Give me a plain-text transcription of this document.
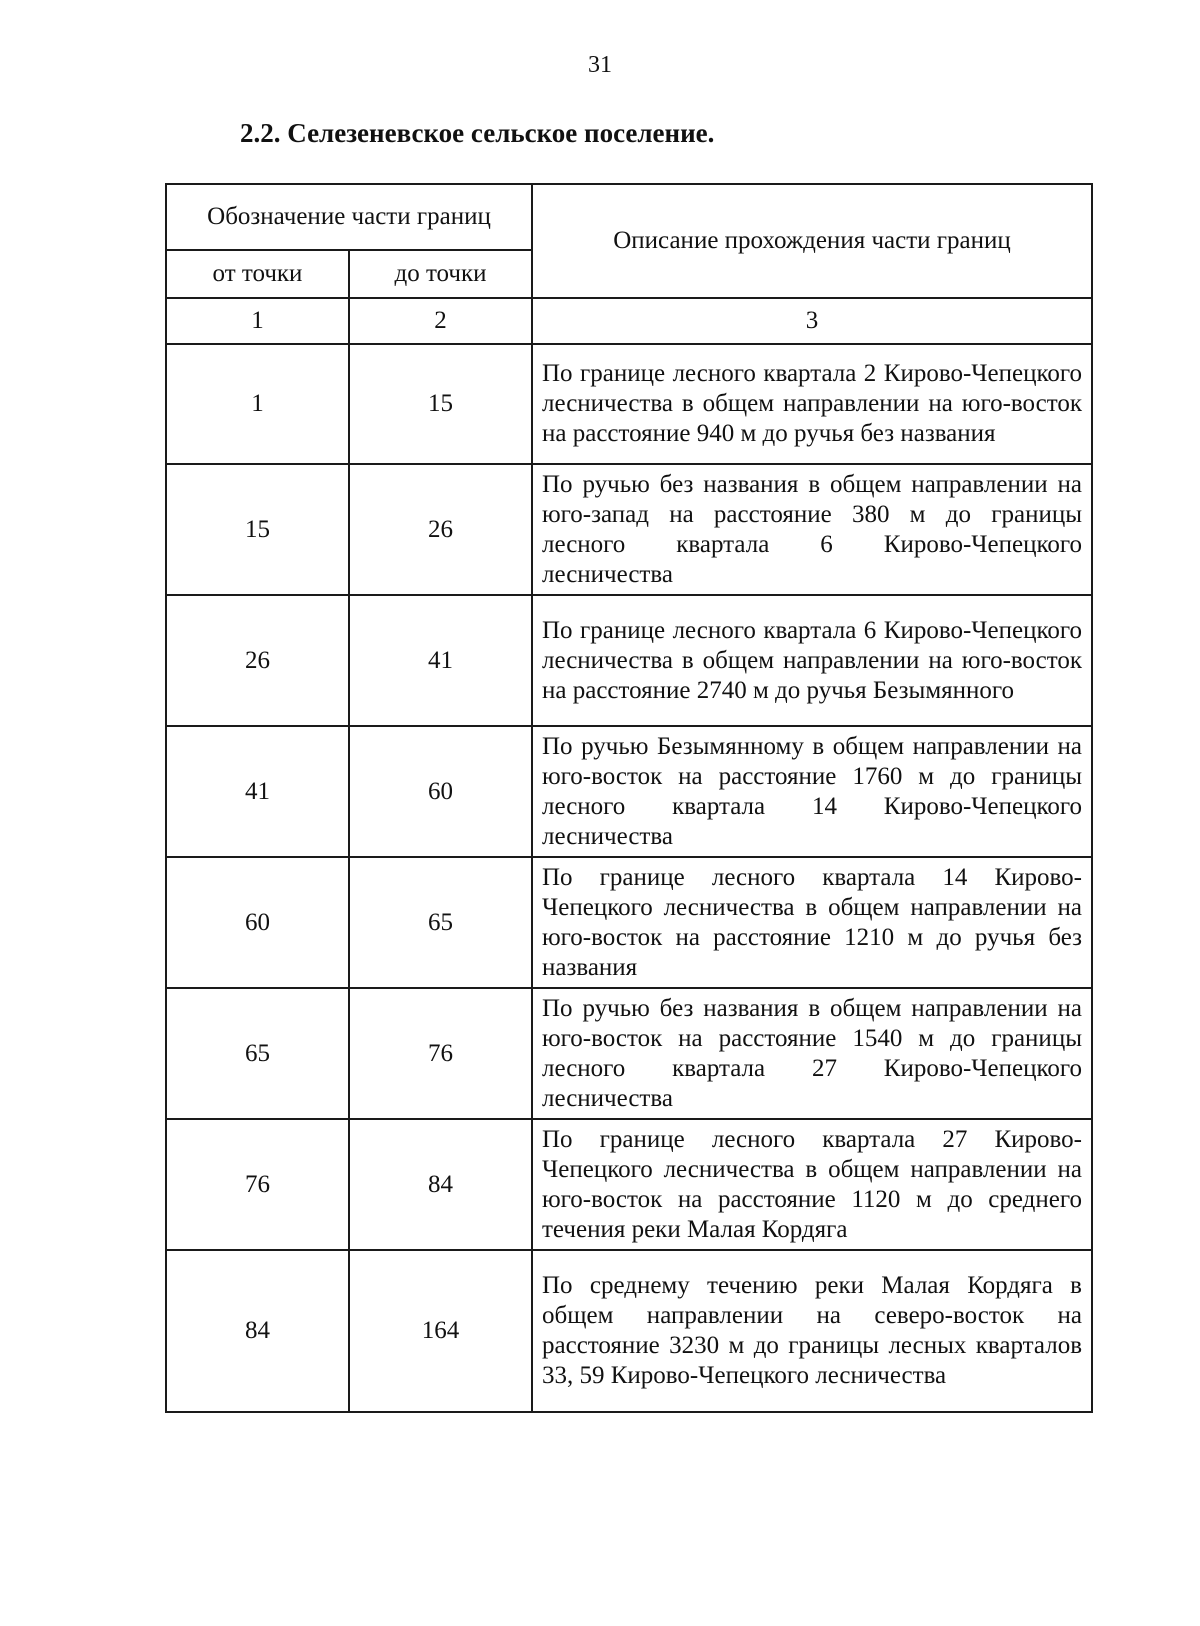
31
2.2. Селезеневское сельское поселение.
Обозначение части границ		Описание прохождения части границ
от точки	до точки	
1	2	3
1	15	По границе лесного квартала 2 Кирово-Чепецкого лесничества в общем направлении на юго-восток на расстояние 940 м до ручья без названия
15	26	По ручью без названия в общем направлении на юго-запад на расстояние 380 м до границы лесного квартала 6 Кирово-Чепецкого лесничества
26	41	По границе лесного квартала 6 Кирово-Чепецкого лесничества в общем направлении на юго-восток на расстояние 2740 м до ручья Безымянного
41	60	По ручью Безымянному в общем направлении на юго-восток на расстояние 1760 м до границы лесного квартала 14 Кирово-Чепецкого лесничества
60	65	По границе лесного квартала 14 Кирово-Чепецкого лесничества в общем направлении на юго-восток на расстояние 1210 м до ручья без названия
65	76	По ручью без названия в общем направлении на юго-восток на расстояние 1540 м до границы лесного квартала 27 Кирово-Чепецкого лесничества
76	84	По границе лесного квартала 27 Кирово-Чепецкого лесничества в общем направлении на юго-восток на расстояние 1120 м до среднего течения реки Малая Кордяга
84	164	По среднему течению реки Малая Кордяга в общем направлении на северо-восток на расстояние 3230 м до границы лесных кварталов 33, 59 Кирово-Чепецкого лесничества
